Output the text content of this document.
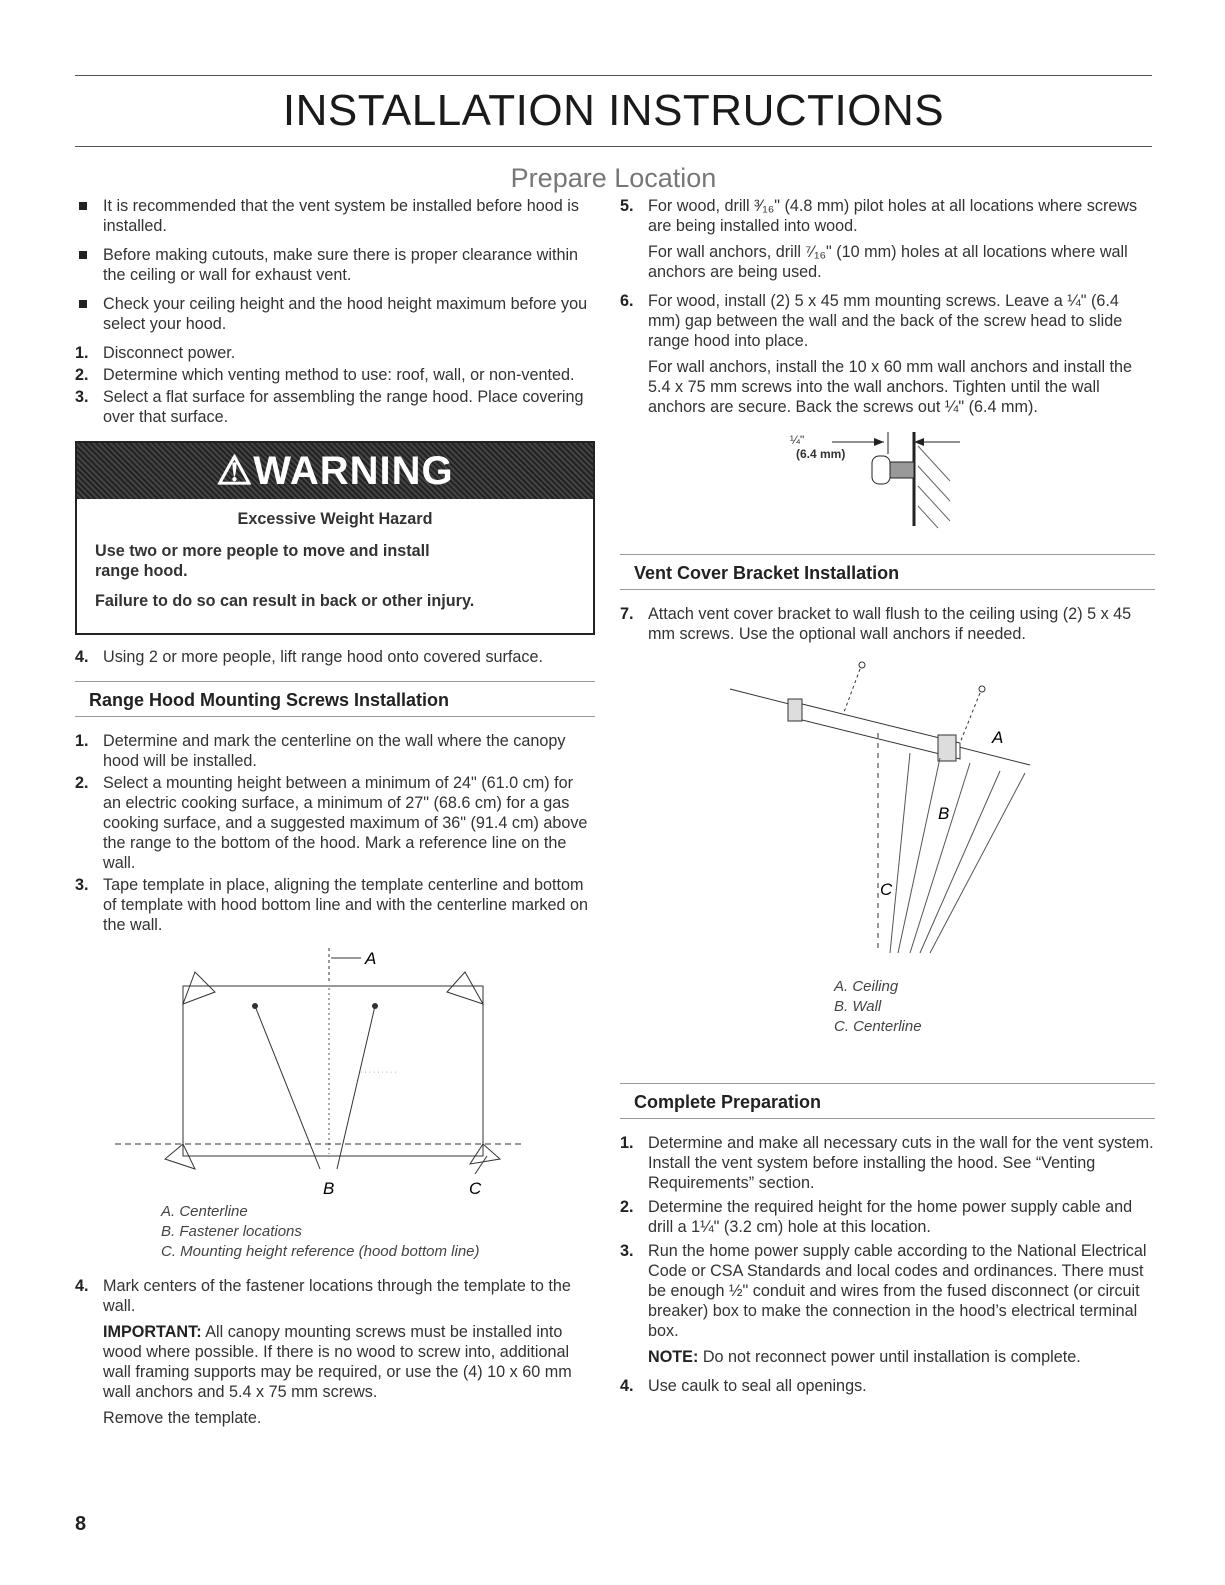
INSTALLATION INSTRUCTIONS
Prepare Location
It is recommended that the vent system be installed before hood is installed.
Before making cutouts, make sure there is proper clearance within the ceiling or wall for exhaust vent.
Check your ceiling height and the hood height maximum before you select your hood.
1. Disconnect power.
2. Determine which venting method to use: roof, wall, or non-vented.
3. Select a flat surface for assembling the range hood. Place covering over that surface.
⚠WARNING
Excessive Weight Hazard

Use two or more people to move and install range hood.

Failure to do so can result in back or other injury.

4. Using 2 or more people, lift range hood onto covered surface.
Range Hood Mounting Screws Installation
1. Determine and mark the centerline on the wall where the canopy hood will be installed.
2. Select a mounting height between a minimum of 24" (61.0 cm) for an electric cooking surface, a minimum of 27" (68.6 cm) for a gas cooking surface, and a suggested maximum of 36" (91.4 cm) above the range to the bottom of the hood. Mark a reference line on the wall.
3. Tape template in place, aligning the template centerline and bottom of template with hood bottom line and with the centerline marked on the wall.
A
· · · · · · · · ·
B	C
A. Centerline
B. Fastener locations
C. Mounting height reference (hood bottom line)
4. Mark centers of the fastener locations through the template to the wall.

IMPORTANT: All canopy mounting screws must be installed into wood where possible. If there is no wood to screw into, additional wall framing supports may be required, or use the (4) 10 x 60 mm wall anchors and 5.4 x 75 mm screws.

Remove the template.

8
5. For wood, drill ³⁄₁₆" (4.8 mm) pilot holes at all locations where screws are being installed into wood.

For wall anchors, drill ⁷⁄₁₆" (10 mm) holes at all locations where wall anchors are being used.

6. For wood, install (2) 5 x 45 mm mounting screws. Leave a ¼" (6.4 mm) gap between the wall and the back of the screw head to slide range hood into place.

For wall anchors, install the 10 x 60 mm wall anchors and install the 5.4 x 75 mm screws into the wall anchors. Tighten until the wall anchors are secure. Back the screws out ¼" (6.4 mm).

¼"
(6.4 mm)
Vent Cover Bracket Installation
7. Attach vent cover bracket to wall flush to the ceiling using (2) 5 x 45 mm screws. Use the optional wall anchors if needed.
A
B
C
A. Ceiling
B. Wall
C. Centerline
Complete Preparation
1. Determine and make all necessary cuts in the wall for the vent system. Install the vent system before installing the hood. See “Venting Requirements” section.
2. Determine the required height for the home power supply cable and drill a 1¼" (3.2 cm) hole at this location.
3. Run the home power supply cable according to the National Electrical Code or CSA Standards and local codes and ordinances. There must be enough ½" conduit and wires from the fused disconnect (or circuit breaker) box to make the connection in the hood’s electrical terminal box.

NOTE: Do not reconnect power until installation is complete.

4. Use caulk to seal all openings.
